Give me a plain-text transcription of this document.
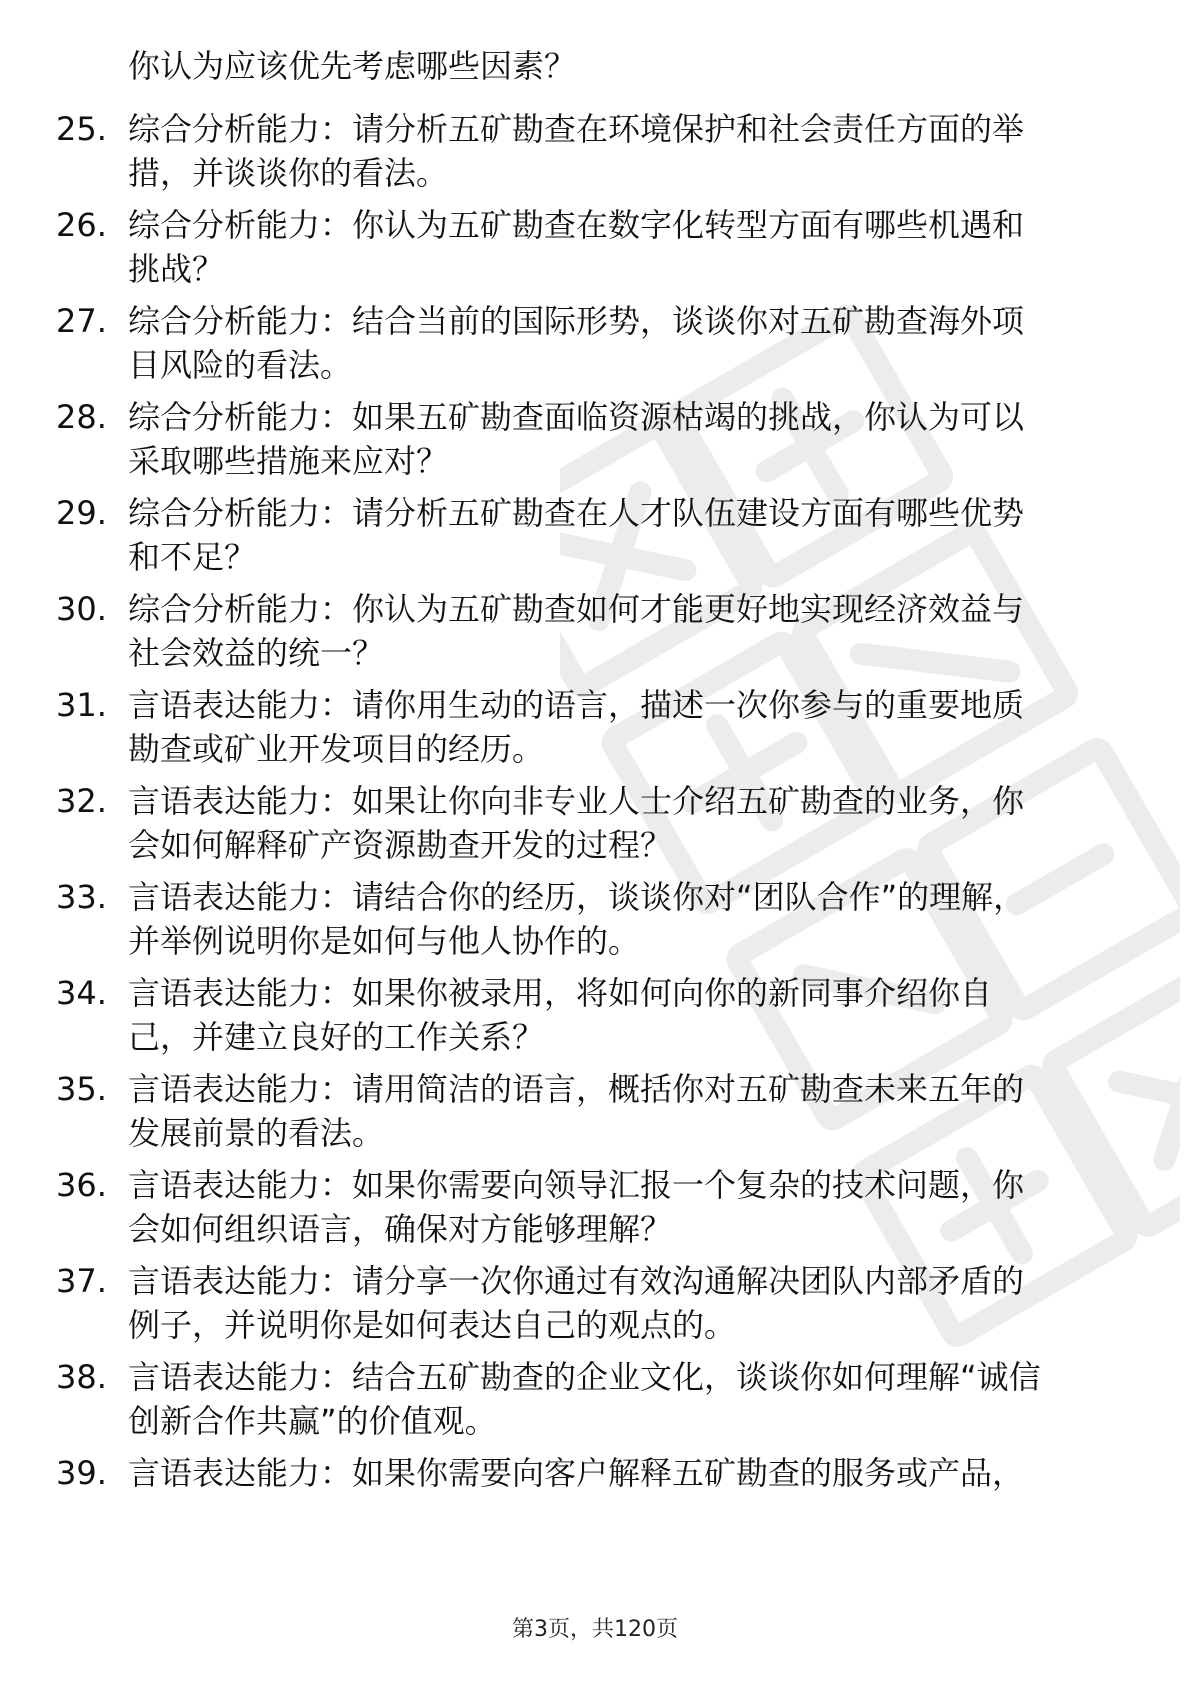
你认为应该优先考虑哪些因素？
25. 综合分析能力：请分析五矿勘查在环境保护和社会责任方面的举
措，并谈谈你的看法。
26. 综合分析能力：你认为五矿勘查在数字化转型方面有哪些机遇和
挑战？
27. 综合分析能力：结合当前的国际形势，谈谈你对五矿勘查海外项
目风险的看法。
28. 综合分析能力：如果五矿勘查面临资源枯竭的挑战，你认为可以
采取哪些措施来应对？
29. 综合分析能力：请分析五矿勘查在人才队伍建设方面有哪些优势
和不足？
30. 综合分析能力：你认为五矿勘查如何才能更好地实现经济效益与
社会效益的统一？
31. 言语表达能力：请你用生动的语言，描述一次你参与的重要地质
勘查或矿业开发项目的经历。
32. 言语表达能力：如果让你向非专业人士介绍五矿勘查的业务，你
会如何解释矿产资源勘查开发的过程？
33. 言语表达能力：请结合你的经历，谈谈你对“团队合作”的理解，
并举例说明你是如何与他人协作的。
34. 言语表达能力：如果你被录用，将如何向你的新同事介绍你自
己，并建立良好的工作关系？
35. 言语表达能力：请用简洁的语言，概括你对五矿勘查未来五年的
发展前景的看法。
36. 言语表达能力：如果你需要向领导汇报一个复杂的技术问题，你
会如何组织语言，确保对方能够理解？
37. 言语表达能力：请分享一次你通过有效沟通解决团队内部矛盾的
例子，并说明你是如何表达自己的观点的。
38. 言语表达能力：结合五矿勘查的企业文化，谈谈你如何理解“诚信
创新合作共赢”的价值观。
39. 言语表达能力：如果你需要向客户解释五矿勘查的服务或产品，
第3页，共120页
